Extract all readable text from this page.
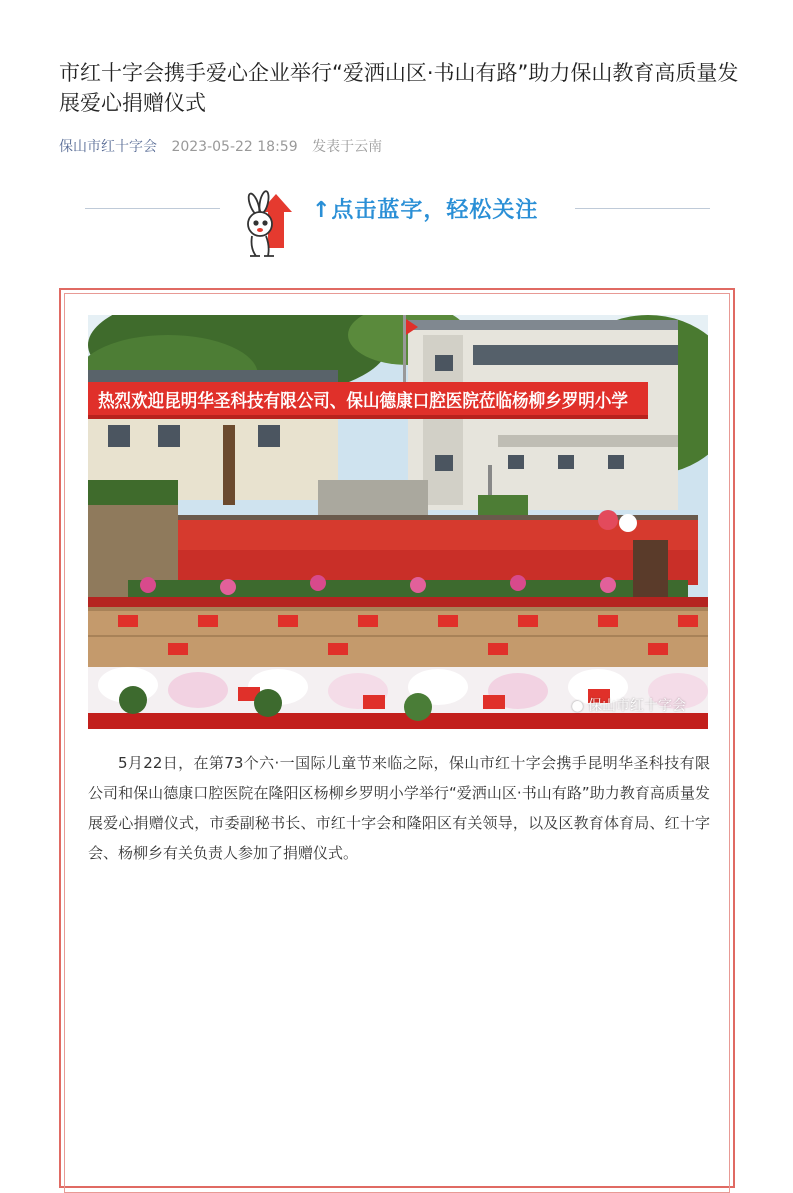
市红十字会携手爱心企业举行“爱洒山区·书山有路”助力保山教育高质量发展爱心捐赠仪式
保山市红十字会 2023-05-22 18:59 发表于云南
↑点击蓝字，轻松关注
热烈欢迎昆明华圣科技有限公司、保山德康口腔医院莅临杨柳乡罗明小学
● 保山市红十字会

5月22日，在第73个六·一国际儿童节来临之际，保山市红十字会携手昆明华圣科技有限公司和保山德康口腔医院在隆阳区杨柳乡罗明小学举行“爱洒山区·书山有路”助力教育高质量发展爱心捐赠仪式，市委副秘书长、市红十字会和隆阳区有关领导，以及区教育体育局、红十字会、杨柳乡有关负责人参加了捐赠仪式。
